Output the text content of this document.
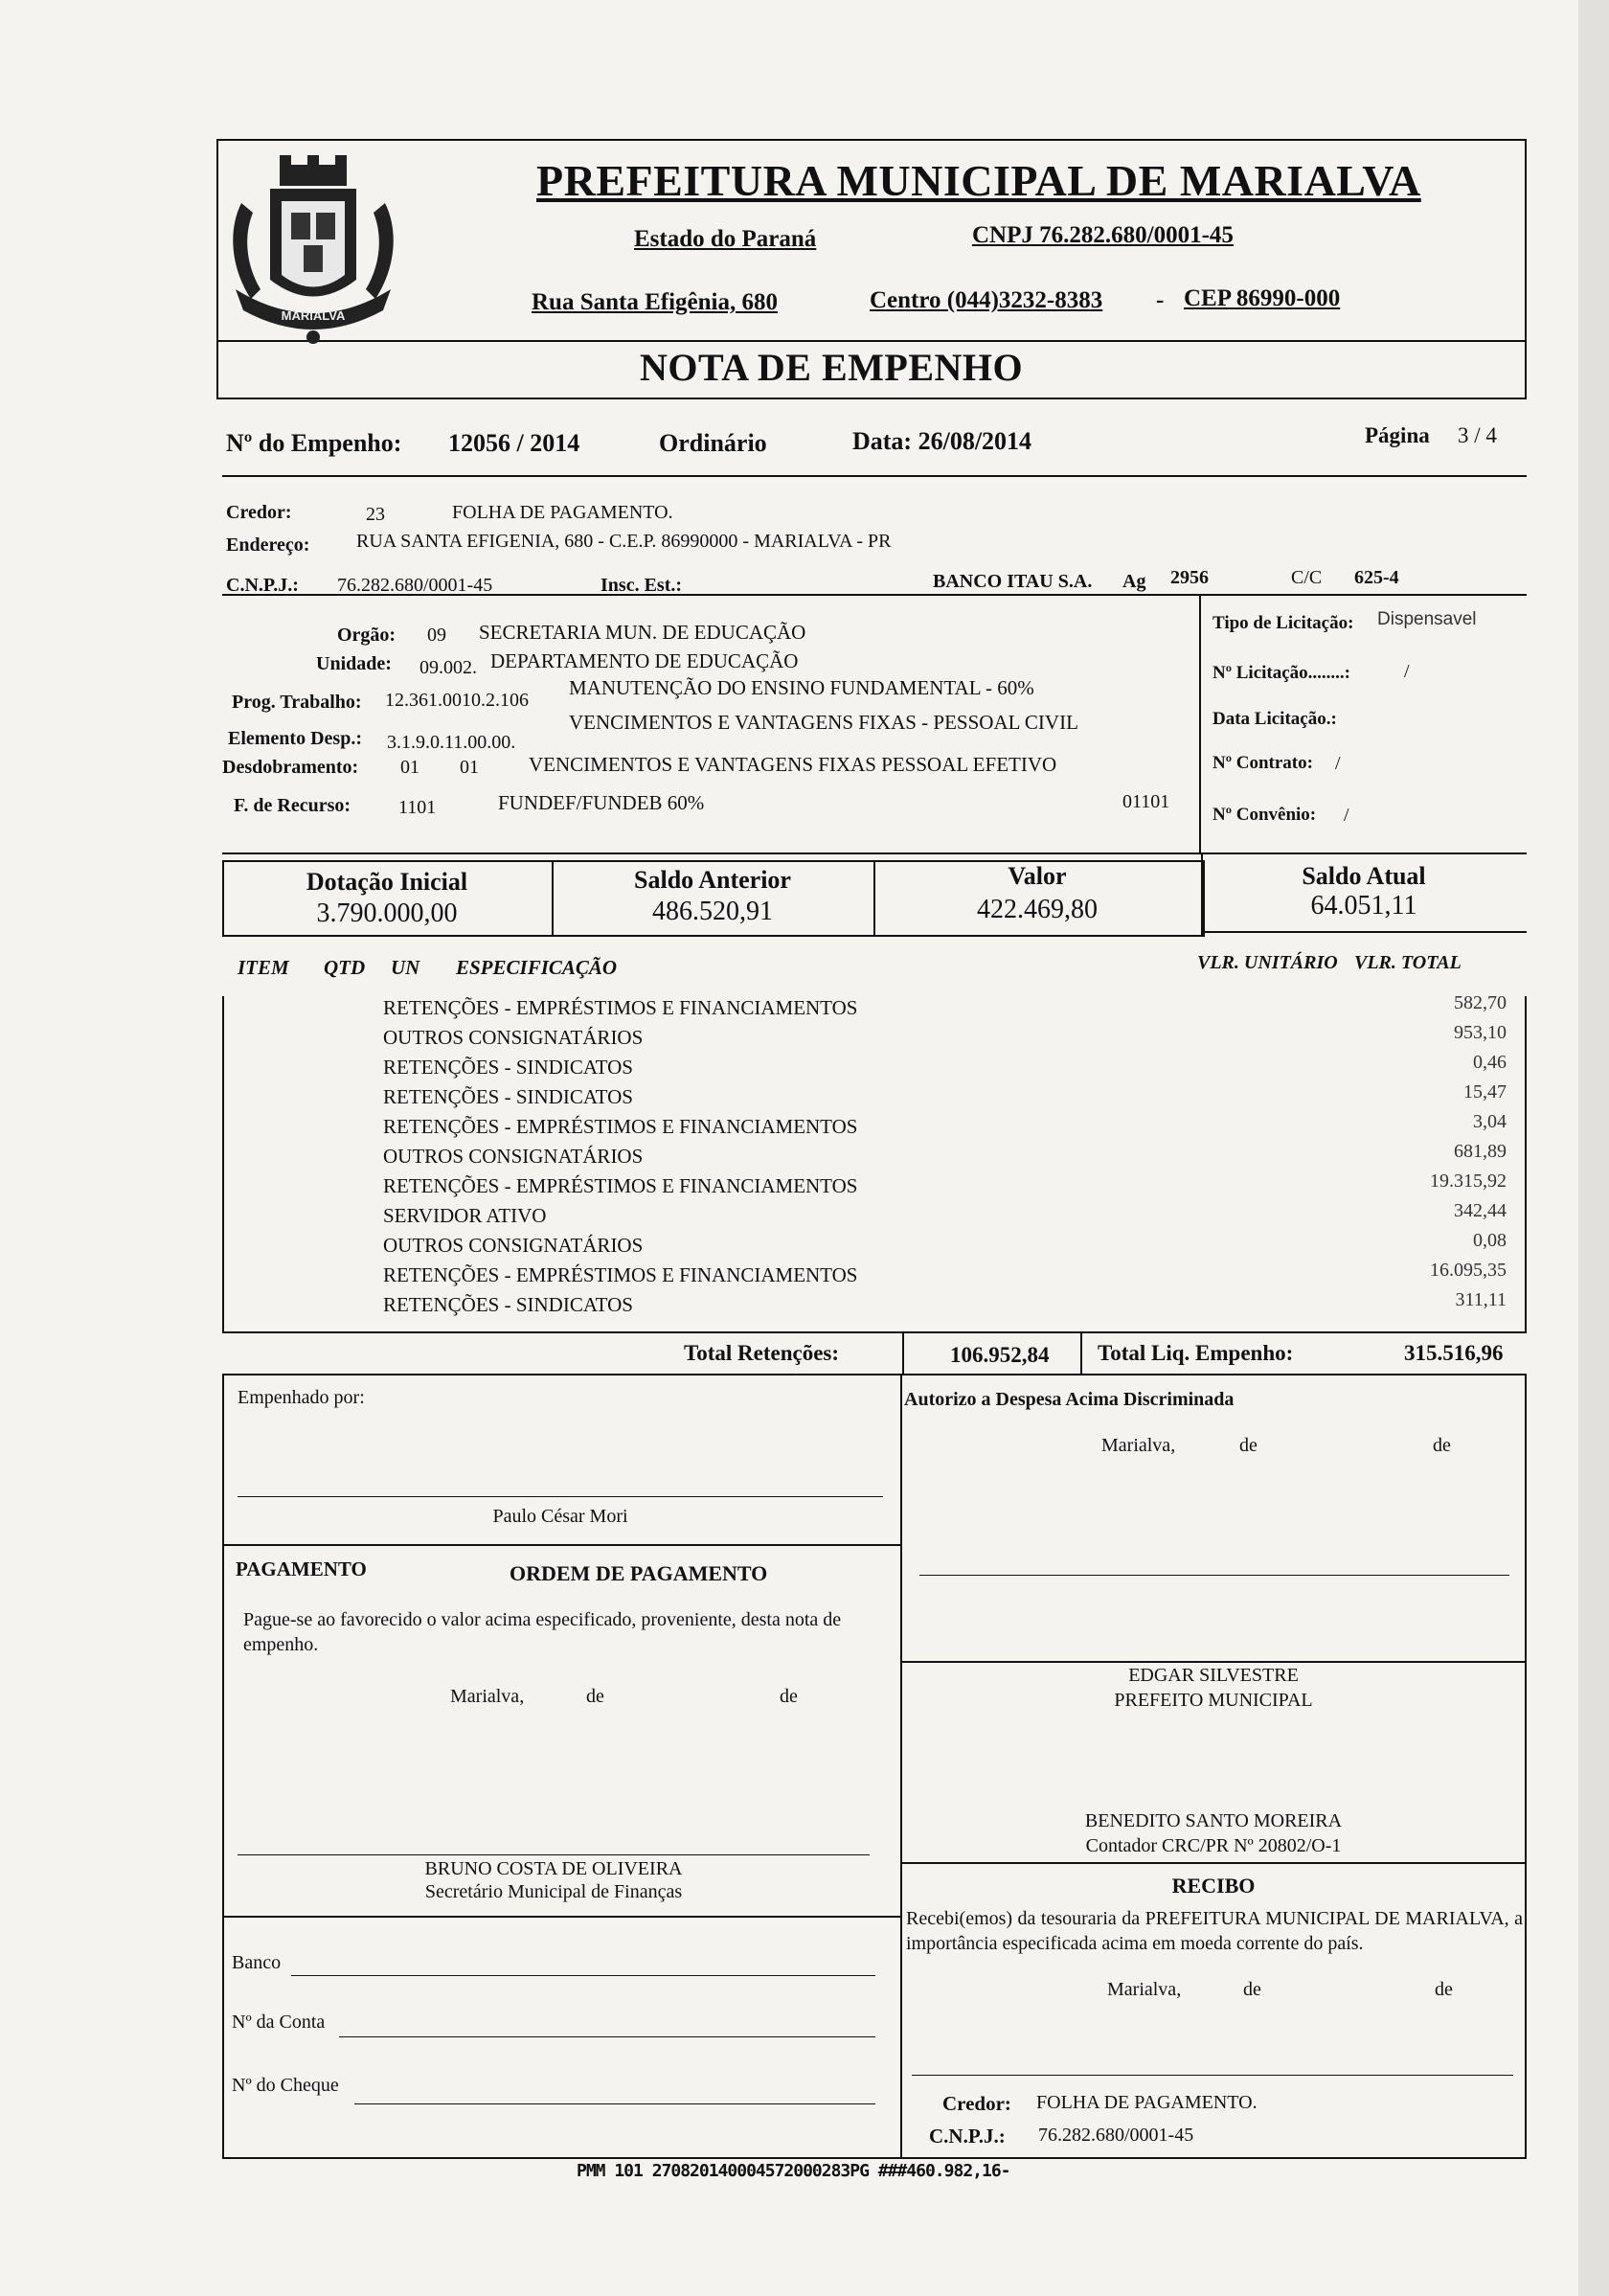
MARIALVA
PREFEITURA MUNICIPAL DE MARIALVA
Estado do Paraná	CNPJ 76.282.680/0001-45
Rua Santa Efigênia, 680	Centro (044)3232-8383 - CEP 86990-000
NOTA DE EMPENHO
Nº do Empenho: 12056 / 2014	Ordinário	Data: 26/08/2014	Página 3 / 4
Credor:	23	FOLHA DE PAGAMENTO.
Endereço: RUA SANTA EFIGENIA, 680 - C.E.P. 86990000 - MARIALVA - PR
C.N.P.J.: 76.282.680/0001-45	Insc. Est.:	BANCO ITAU S.A. Ag 2956	C/C 625-4
Orgão: 09 SECRETARIA MUN. DE EDUCAÇÃO
Unidade: 09.002. DEPARTAMENTO DE EDUCAÇÃO
Prog. Trabalho: 12.361.0010.2.106
MANUTENÇÃO DO ENSINO FUNDAMENTAL - 60%
Elemento Desp.: 3.1.9.0.11.00.00.
VENCIMENTOS E VANTAGENS FIXAS - PESSOAL CIVIL
Desdobramento: 01 01 VENCIMENTOS E VANTAGENS FIXAS PESSOAL EFETIVO
F. de Recurso: 1101	FUNDEF/FUNDEB 60%	01101
Tipo de Licitação: Dispensavel
Nº Licitação........:	/
Data Licitação.:
Nº Contrato: /
Nº Convênio: /
Dotação Inicial
3.790.000,00
Saldo Anterior
486.520,91
Valor
422.469,80
Saldo Atual
64.051,11
ITEM QTD UN ESPECIFICAÇÃO	VLR. UNITÁRIO VLR. TOTAL
RETENÇÕES - EMPRÉSTIMOS E FINANCIAMENTOS	582,70
OUTROS CONSIGNATÁRIOS	953,10
RETENÇÕES - SINDICATOS	0,46
RETENÇÕES - SINDICATOS	15,47
RETENÇÕES - EMPRÉSTIMOS E FINANCIAMENTOS	3,04
OUTROS CONSIGNATÁRIOS	681,89
RETENÇÕES - EMPRÉSTIMOS E FINANCIAMENTOS	19.315,92
SERVIDOR ATIVO	342,44
OUTROS CONSIGNATÁRIOS	0,08
RETENÇÕES - EMPRÉSTIMOS E FINANCIAMENTOS	16.095,35
RETENÇÕES - SINDICATOS	311,11
Total Retenções:	106.952,84 Total Liq. Empenho:	315.516,96
Empenhado por:
Paulo César Mori
Autorizo a Despesa Acima Discriminada
Marialva,	de	de
PAGAMENTO	ORDEM DE PAGAMENTO
Pague-se ao favorecido o valor acima especificado, proveniente, desta nota de empenho.
Marialva,	de	de
EDGAR SILVESTRE
PREFEITO MUNICIPAL
BENEDITO SANTO MOREIRA
Contador CRC/PR Nº 20802/O-1
RECIBO
Recebi(emos) da tesouraria da PREFEITURA MUNICIPAL DE MARIALVA, a importância especificada acima em moeda corrente do país.
Marialva,	de	de
BRUNO COSTA DE OLIVEIRA
Secretário Municipal de Finanças
Banco
Nº da Conta
Nº do Cheque
Credor: FOLHA DE PAGAMENTO.
C.N.P.J.: 76.282.680/0001-45
PMM 101 270820140004572000283PG ###460.982,16-
